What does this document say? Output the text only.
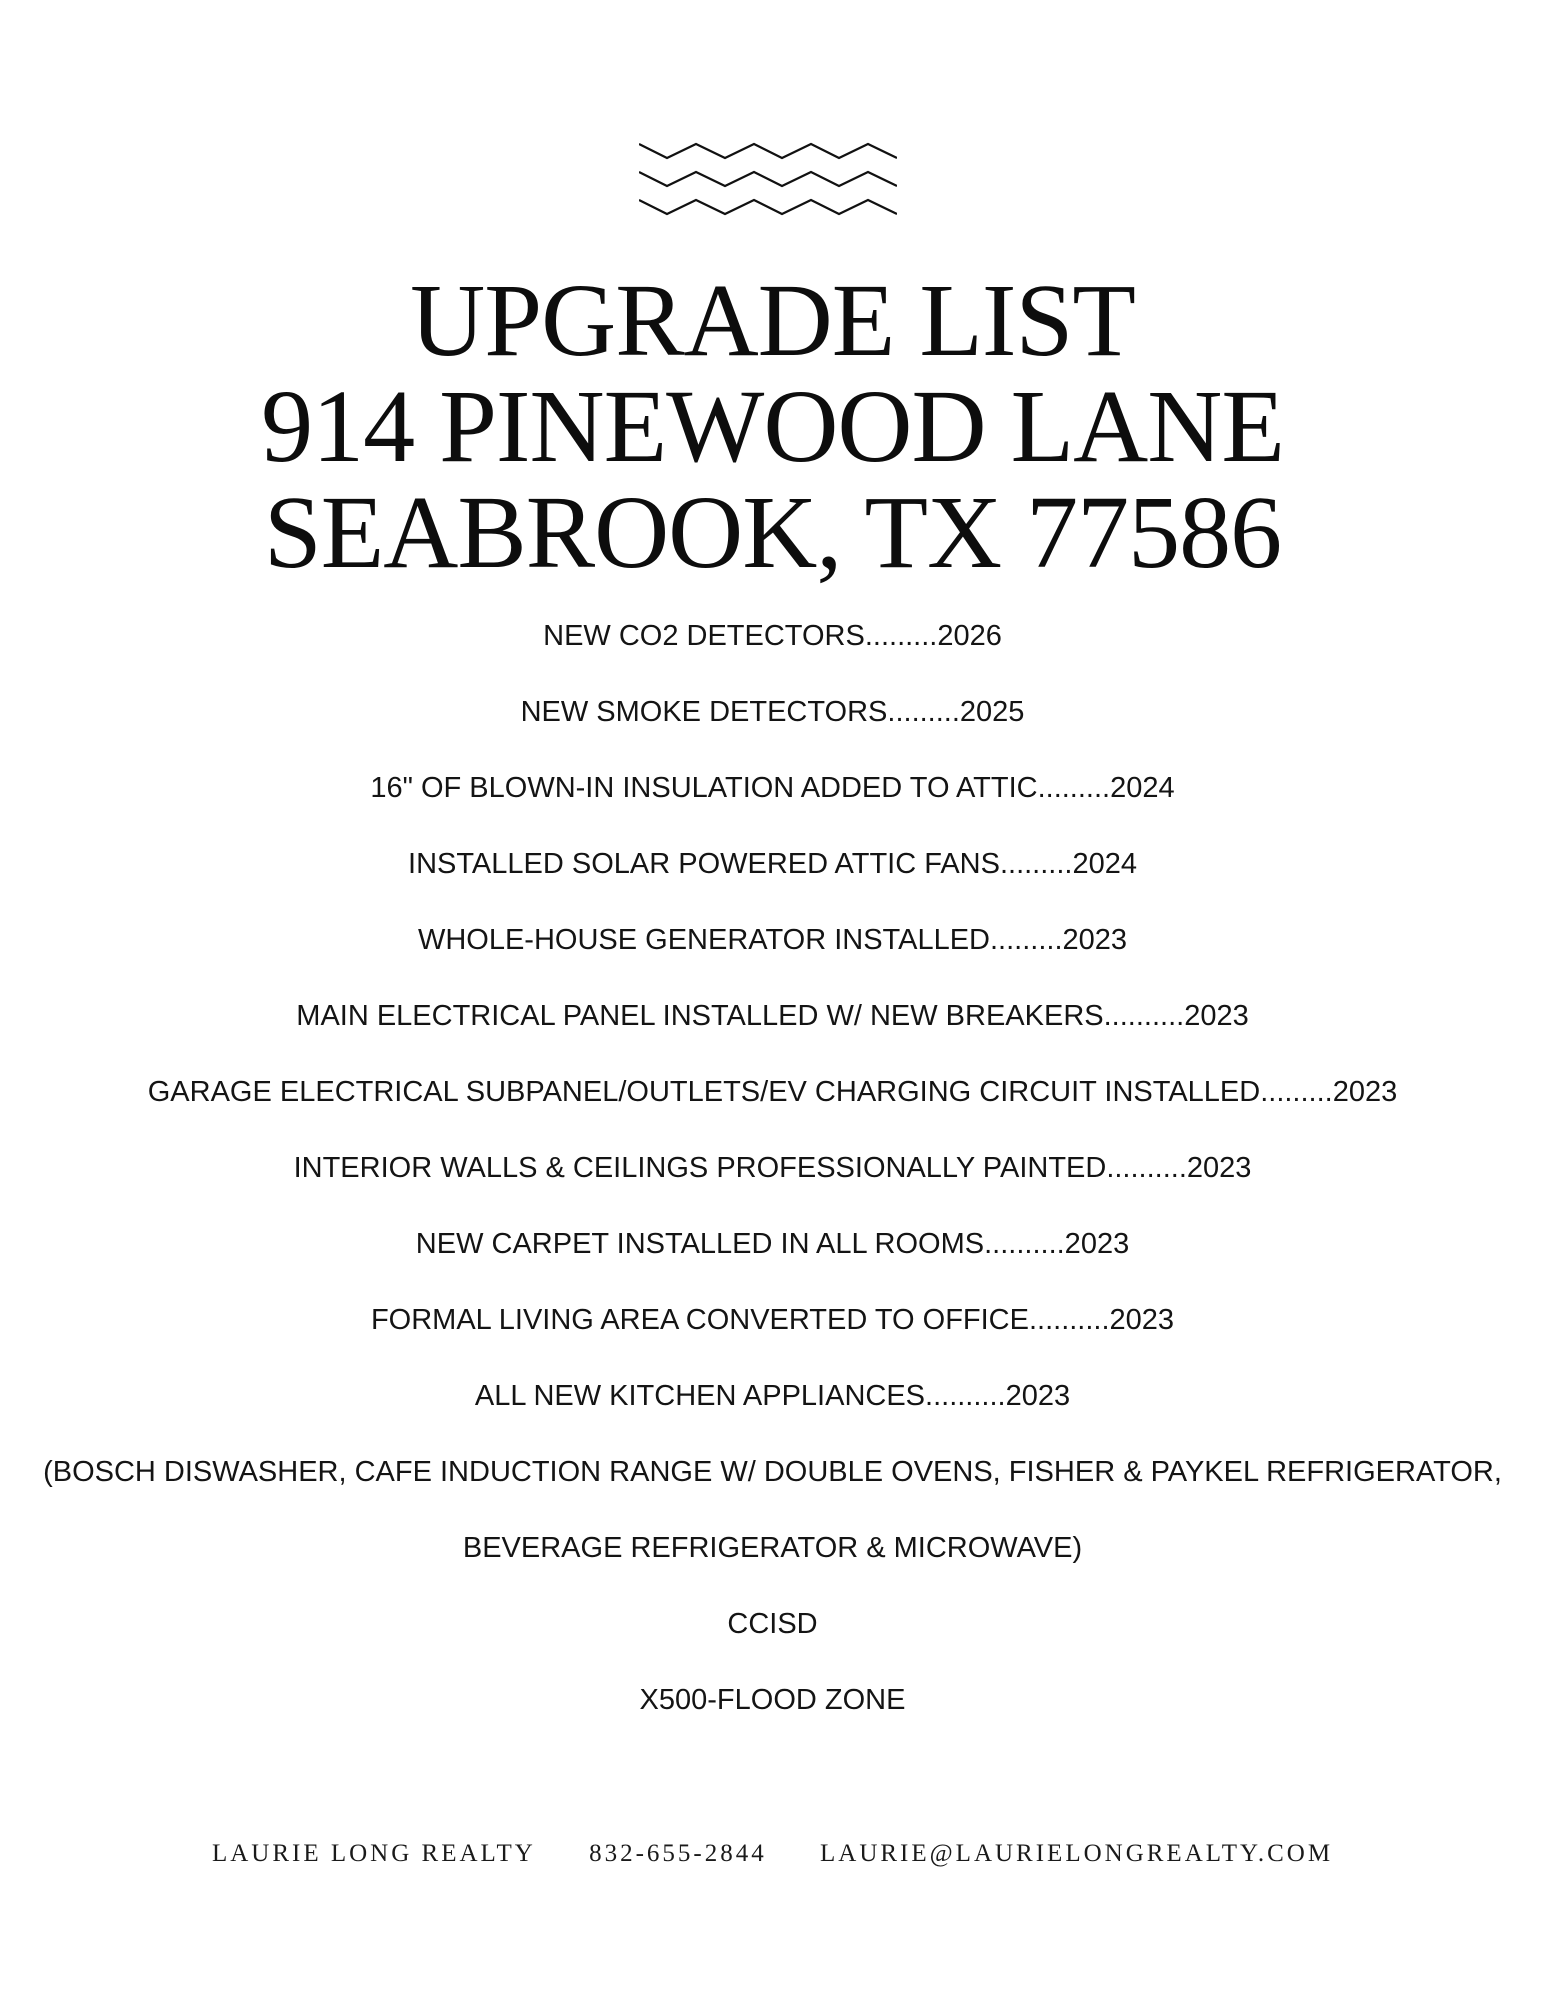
UPGRADE LIST
914 PINEWOOD LANE
SEABROOK, TX 77586
NEW CO2 DETECTORS.........2026
NEW SMOKE DETECTORS.........2025
16" OF BLOWN-IN INSULATION ADDED TO ATTIC.........2024
INSTALLED SOLAR POWERED ATTIC FANS.........2024
WHOLE-HOUSE GENERATOR INSTALLED.........2023
MAIN ELECTRICAL PANEL INSTALLED W/ NEW BREAKERS..........2023
GARAGE ELECTRICAL SUBPANEL/OUTLETS/EV CHARGING CIRCUIT INSTALLED.........2023
INTERIOR WALLS & CEILINGS PROFESSIONALLY PAINTED..........2023
NEW CARPET INSTALLED IN ALL ROOMS..........2023
FORMAL LIVING AREA CONVERTED TO OFFICE..........2023
ALL NEW KITCHEN APPLIANCES..........2023
(BOSCH DISWASHER, CAFE INDUCTION RANGE W/ DOUBLE OVENS, FISHER & PAYKEL REFRIGERATOR,
BEVERAGE REFRIGERATOR & MICROWAVE)
CCISD
X500-FLOOD ZONE
LAURIE LONG REALTY 832-655-2844 LAURIE@LAURIELONGREALTY.COM
